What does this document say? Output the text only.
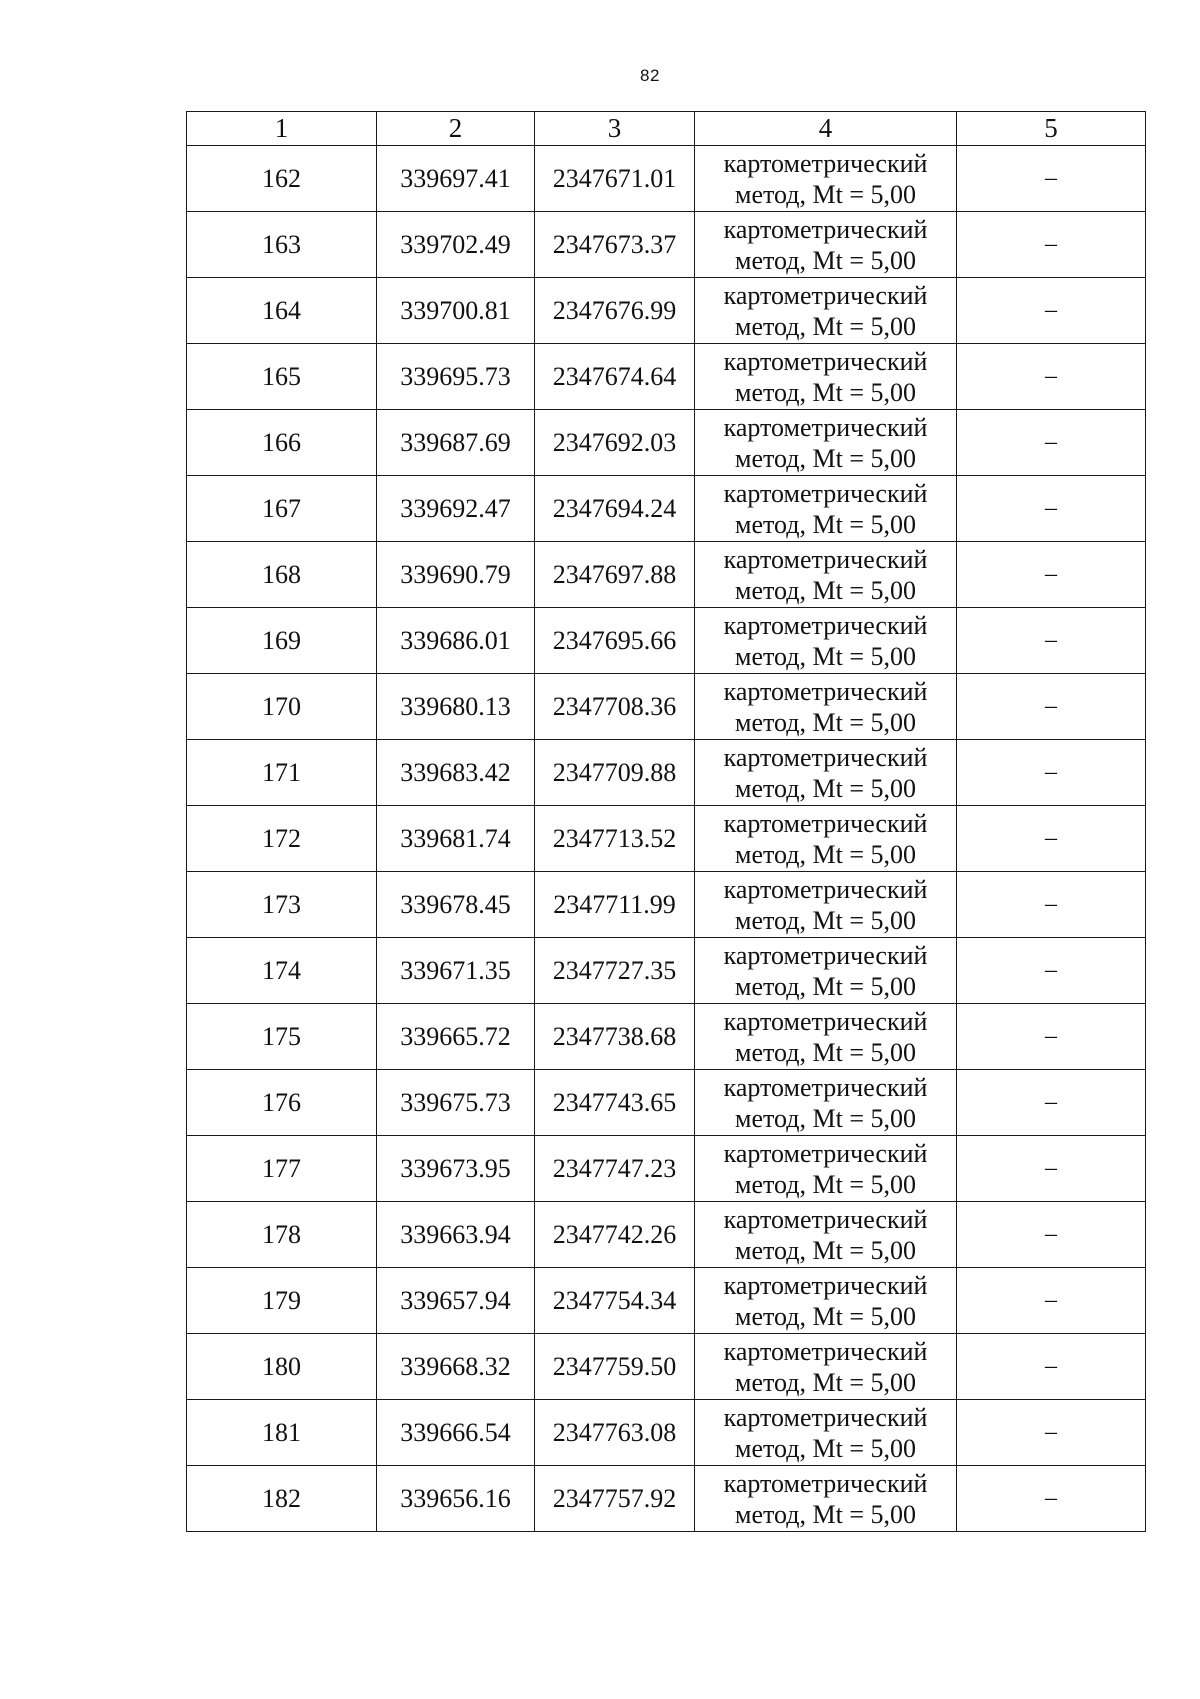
82
1	2	3	4	5
162	339697.41	2347671.01	картометрический
метод, Mt = 5,00	–
163	339702.49	2347673.37	картометрический
метод, Mt = 5,00	–
164	339700.81	2347676.99	картометрический
метод, Mt = 5,00	–
165	339695.73	2347674.64	картометрический
метод, Mt = 5,00	–
166	339687.69	2347692.03	картометрический
метод, Mt = 5,00	–
167	339692.47	2347694.24	картометрический
метод, Mt = 5,00	–
168	339690.79	2347697.88	картометрический
метод, Mt = 5,00	–
169	339686.01	2347695.66	картометрический
метод, Mt = 5,00	–
170	339680.13	2347708.36	картометрический
метод, Mt = 5,00	–
171	339683.42	2347709.88	картометрический
метод, Mt = 5,00	–
172	339681.74	2347713.52	картометрический
метод, Mt = 5,00	–
173	339678.45	2347711.99	картометрический
метод, Mt = 5,00	–
174	339671.35	2347727.35	картометрический
метод, Mt = 5,00	–
175	339665.72	2347738.68	картометрический
метод, Mt = 5,00	–
176	339675.73	2347743.65	картометрический
метод, Mt = 5,00	–
177	339673.95	2347747.23	картометрический
метод, Mt = 5,00	–
178	339663.94	2347742.26	картометрический
метод, Mt = 5,00	–
179	339657.94	2347754.34	картометрический
метод, Mt = 5,00	–
180	339668.32	2347759.50	картометрический
метод, Mt = 5,00	–
181	339666.54	2347763.08	картометрический
метод, Mt = 5,00	–
182	339656.16	2347757.92	картометрический
метод, Mt = 5,00	–
